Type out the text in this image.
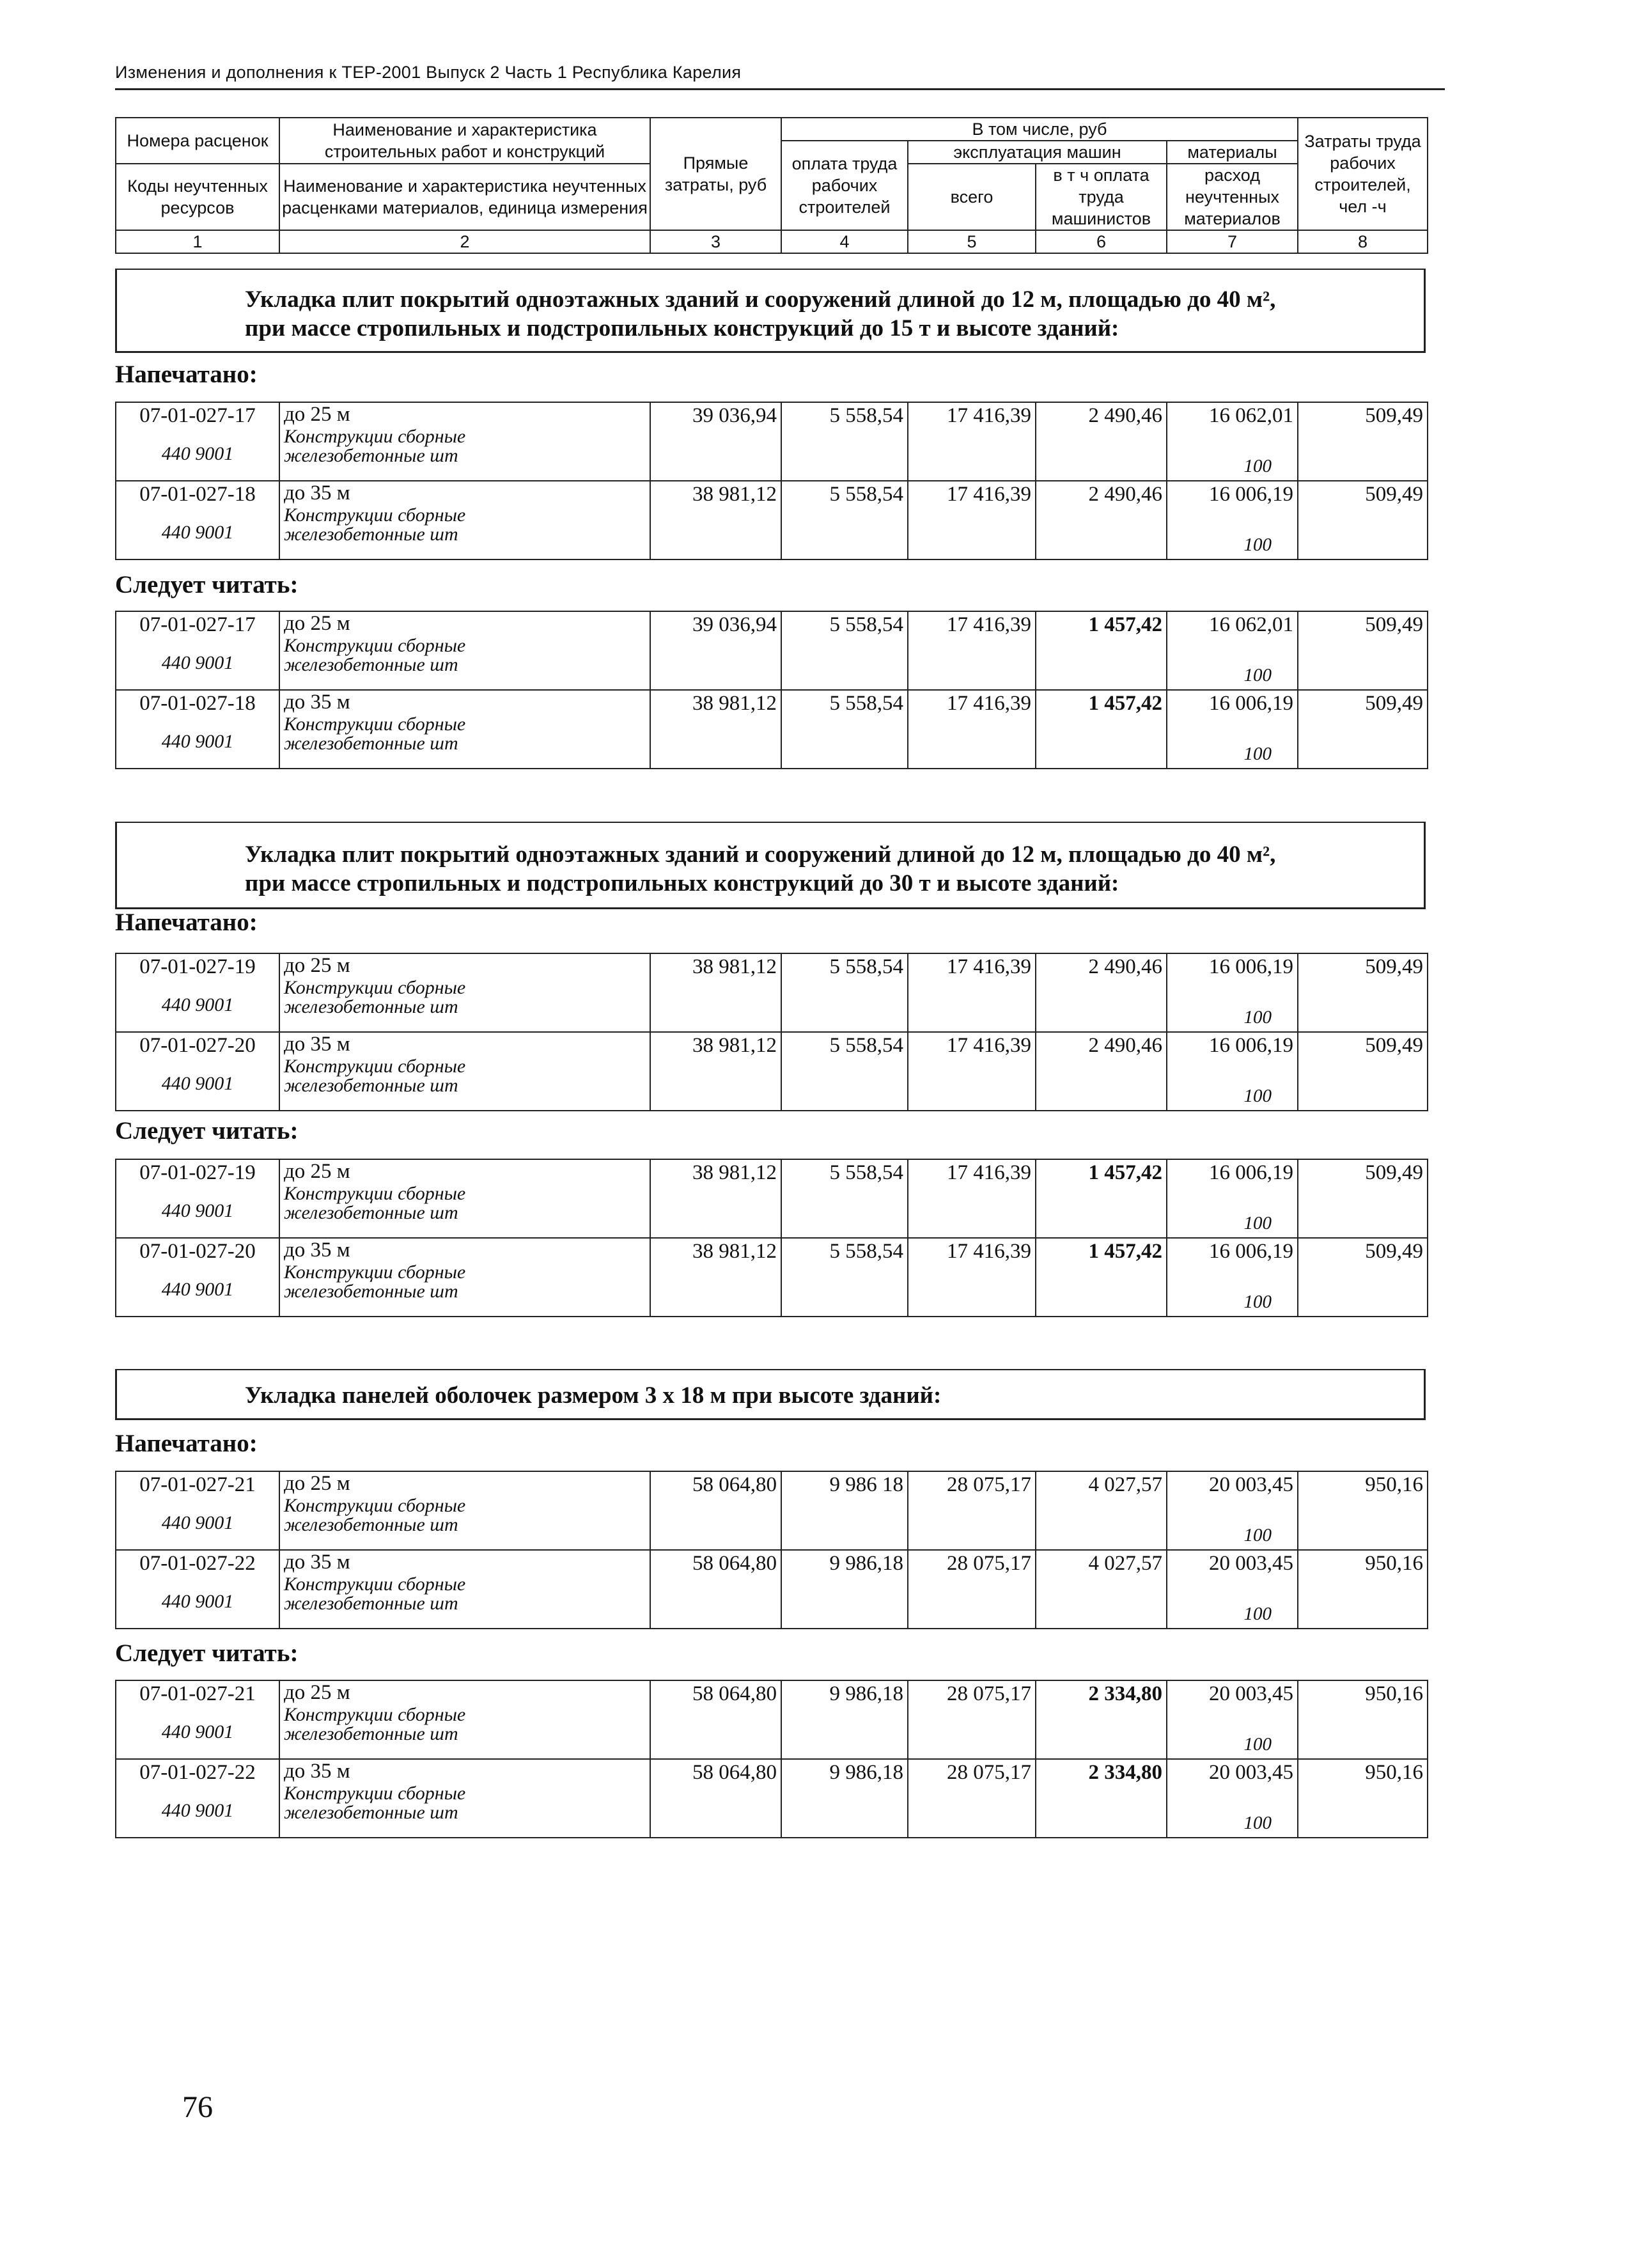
Изменения и дополнения к ТЕР-2001 Выпуск 2 Часть 1 Республика Карелия
Номера расценок	Наименование и характеристика строительных работ и конструкций	Прямые затраты, руб	В том числе, руб				Затраты труда рабочих строителей, чел -ч
			оплата труда рабочих строителей	эксплуатация машин		материалы	
Коды неучтенных ресурсов	Наименование и характеристика неучтенных расценками материалов, единица измерения			всего	в т ч оплата труда машинистов	расход неучтенных материалов	

1	2	3	4	5	6	7	8
Укладка плит покрытий одноэтажных зданий и сооружений длиной до 12 м, площадью до 40 м²,
при массе стропильных и подстропильных конструкций до 15 т и высоте зданий:
Напечатано:
07-01-027-17	до 25 м	39 036,94	5 558,54	17 416,39	2 490,46	16 062,01	509,49
440 9001	Конструкции сборные
железобетонные шт					100	
07-01-027-18	до 35 м	38 981,12	5 558,54	17 416,39	2 490,46	16 006,19	509,49
440 9001	Конструкции сборные
железобетонные шт					100	
Следует читать:
07-01-027-17	до 25 м	39 036,94	5 558,54	17 416,39	1 457,42	16 062,01	509,49
440 9001	Конструкции сборные
железобетонные шт					100	
07-01-027-18	до 35 м	38 981,12	5 558,54	17 416,39	1 457,42	16 006,19	509,49
440 9001	Конструкции сборные
железобетонные шт					100	
Укладка плит покрытий одноэтажных зданий и сооружений длиной до 12 м, площадью до 40 м²,
при массе стропильных и подстропильных конструкций до 30 т и высоте зданий:
Напечатано:
07-01-027-19	до 25 м	38 981,12	5 558,54	17 416,39	2 490,46	16 006,19	509,49
440 9001	Конструкции сборные
железобетонные шт					100	
07-01-027-20	до 35 м	38 981,12	5 558,54	17 416,39	2 490,46	16 006,19	509,49
440 9001	Конструкции сборные
железобетонные шт					100	
Следует читать:
07-01-027-19	до 25 м	38 981,12	5 558,54	17 416,39	1 457,42	16 006,19	509,49
440 9001	Конструкции сборные
железобетонные шт					100	
07-01-027-20	до 35 м	38 981,12	5 558,54	17 416,39	1 457,42	16 006,19	509,49
440 9001	Конструкции сборные
железобетонные шт					100	
Укладка панелей оболочек размером 3 х 18 м при высоте зданий:
Напечатано:
07-01-027-21	до 25 м	58 064,80	9 986 18	28 075,17	4 027,57	20 003,45	950,16
440 9001	Конструкции сборные
железобетонные шт					100	
07-01-027-22	до 35 м	58 064,80	9 986,18	28 075,17	4 027,57	20 003,45	950,16
440 9001	Конструкции сборные
железобетонные шт					100	
Следует читать:
07-01-027-21	до 25 м	58 064,80	9 986,18	28 075,17	2 334,80	20 003,45	950,16
440 9001	Конструкции сборные
железобетонные шт					100	
07-01-027-22	до 35 м	58 064,80	9 986,18	28 075,17	2 334,80	20 003,45	950,16
440 9001	Конструкции сборные
железобетонные шт					100	
76
